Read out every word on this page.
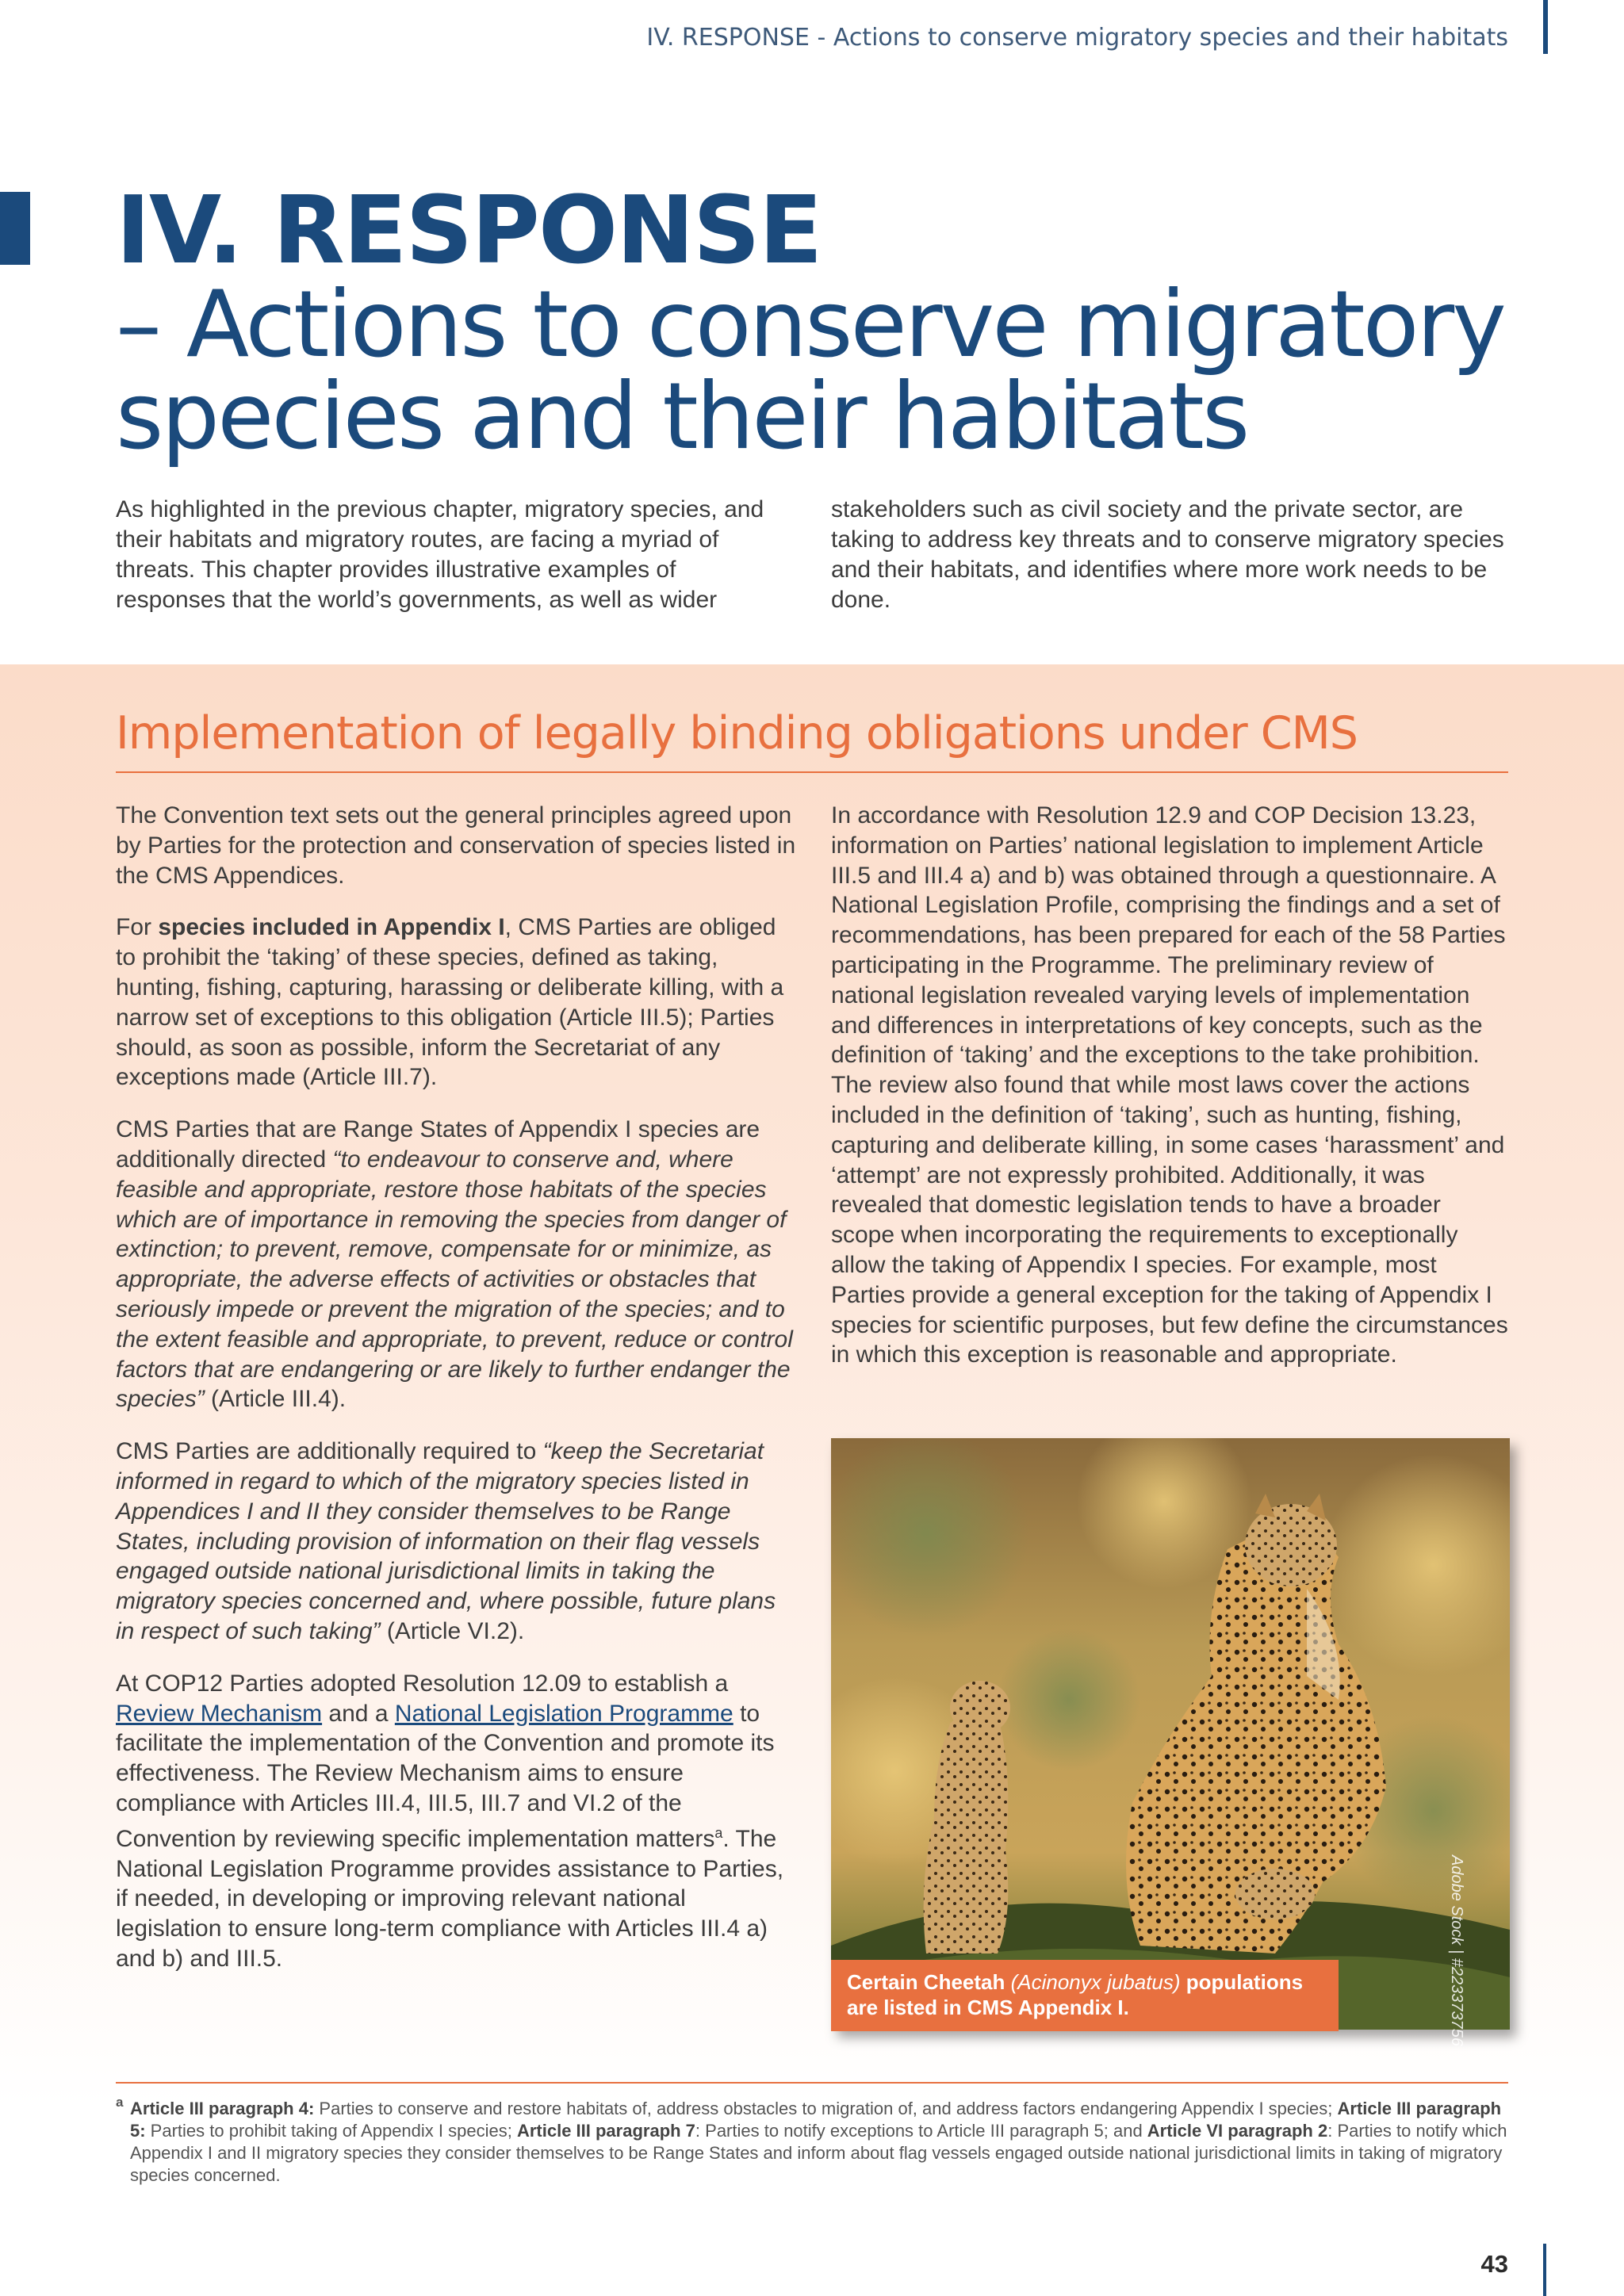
IV. RESPONSE - Actions to conserve migratory species and their habitats
IV. RESPONSE
– Actions to conserve migratory
species and their habitats

As highlighted in the previous chapter, migratory species, and their habitats and migratory routes, are facing a myriad of threats. This chapter provides illustrative examples of responses that the world’s governments, as well as wider

stakeholders such as civil society and the private sector, are taking to address key threats and to conserve migratory species and their habitats, and identifies where more work needs to be done.

Implementation of legally binding obligations under CMS

The Convention text sets out the general principles agreed upon by Parties for the protection and conservation of species listed in the CMS Appendices.

For species included in Appendix I, CMS Parties are obliged to prohibit the ‘taking’ of these species, defined as taking, hunting, fishing, capturing, harassing or deliberate killing, with a narrow set of exceptions to this obligation (Article III.5); Parties should, as soon as possible, inform the Secretariat of any exceptions made (Article III.7).

CMS Parties that are Range States of Appendix I species are additionally directed “to endeavour to conserve and, where feasible and appropriate, restore those habitats of the species which are of importance in removing the species from danger of extinction; to prevent, remove, compensate for or minimize, as appropriate, the adverse effects of activities or obstacles that seriously impede or prevent the migration of the species; and to the extent feasible and appropriate, to prevent, reduce or control factors that are endangering or are likely to further endanger the species” (Article III.4).

CMS Parties are additionally required to “keep the Secretariat informed in regard to which of the migratory species listed in Appendices I and II they consider themselves to be Range States, including provision of information on their flag vessels engaged outside national jurisdictional limits in taking the migratory species concerned and, where possible, future plans in respect of such taking” (Article VI.2).

At COP12 Parties adopted Resolution 12.09 to establish a Review Mechanism and a National Legislation Programme to facilitate the implementation of the Convention and promote its effectiveness. The Review Mechanism aims to ensure compliance with Articles III.4, III.5, III.7 and VI.2 of the Convention by reviewing specific implementation matters$^a$. The National Legislation Programme provides assistance to Parties, if needed, in developing or improving relevant national legislation to ensure long-term compliance with Articles III.4 a) and b) and III.5.

In accordance with Resolution 12.9 and COP Decision 13.23, information on Parties’ national legislation to implement Article III.5 and III.4 a) and b) was obtained through a questionnaire. A National Legislation Profile, comprising the findings and a set of recommendations, has been prepared for each of the 58 Parties participating in the Programme. The preliminary review of national legislation revealed varying levels of implementation and differences in interpretations of key concepts, such as the definition of ‘taking’ and the exceptions to the take prohibition. The review also found that while most laws cover the actions included in the definition of ‘taking’, such as hunting, fishing, capturing and deliberate killing, in some cases ‘harassment’ and ‘attempt’ are not expressly prohibited. Additionally, it was revealed that domestic legislation tends to have a broader scope when incorporating the requirements to exceptionally allow the taking of Appendix I species. For example, most Parties provide a general exception for the taking of Appendix I species for scientific purposes, but few define the circumstances in which this exception is reasonable and appropriate.

Adobe Stock | #223373756
Certain Cheetah (Acinonyx jubatus) populations are listed in CMS Appendix I.

a Article III paragraph 4: Parties to conserve and restore habitats of, address obstacles to migration of, and address factors endangering Appendix I species; Article III paragraph 5: Parties to prohibit taking of Appendix I species; Article III paragraph 7: Parties to notify exceptions to Article III paragraph 5; and Article VI paragraph 2: Parties to notify which Appendix I and II migratory species they consider themselves to be Range States and inform about flag vessels engaged outside national jurisdictional limits in taking of migratory species concerned.

43
